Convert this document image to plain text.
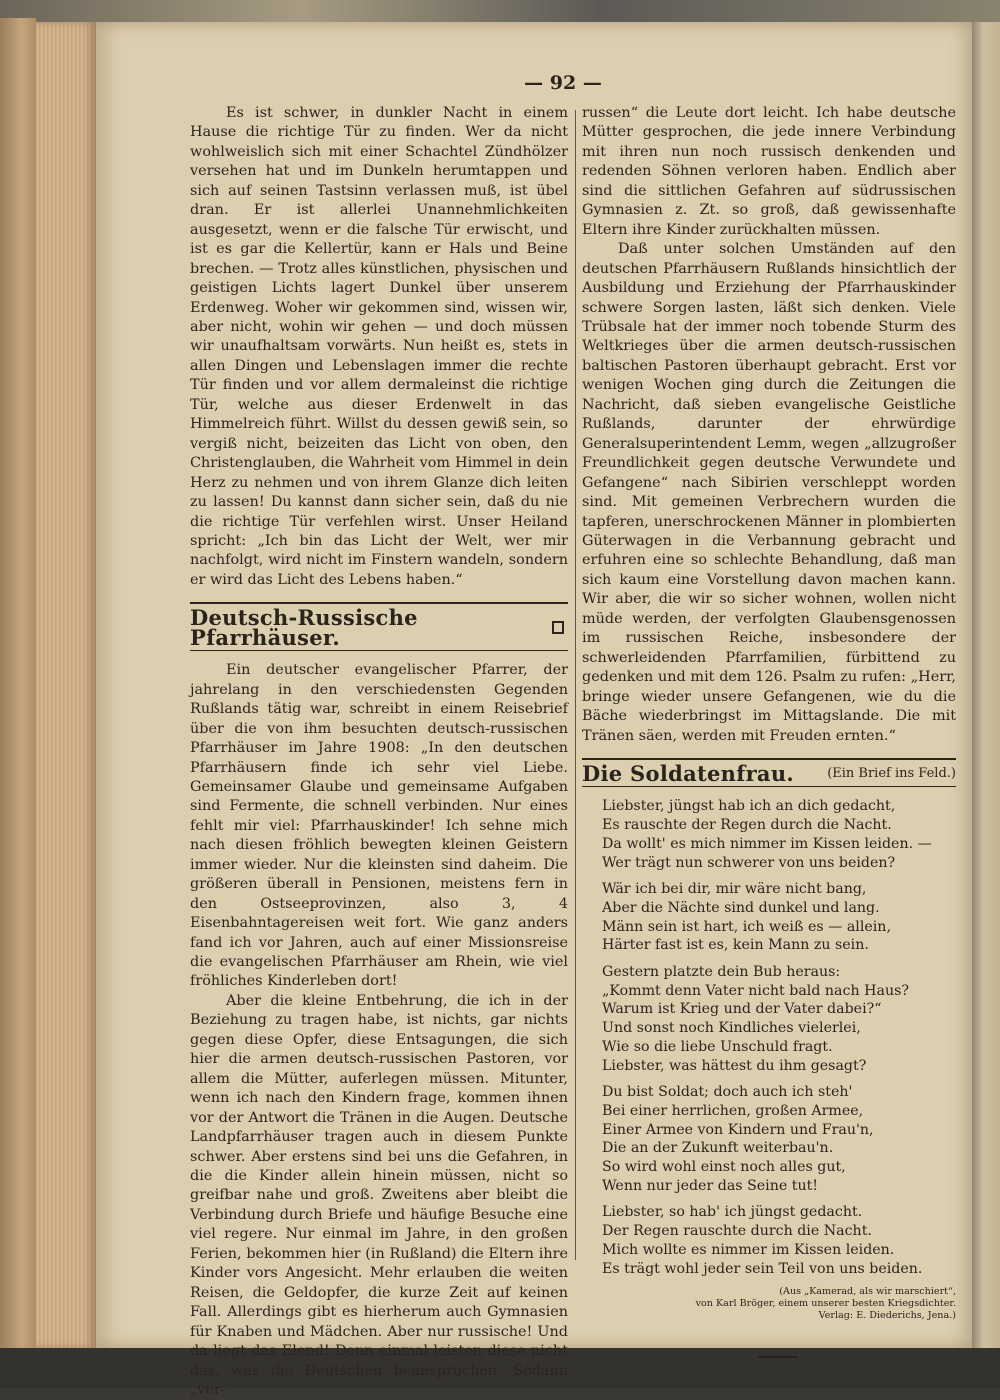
— 92 —

Es ist schwer, in dunkler Nacht in einem Hause die richtige Tür zu finden. Wer da nicht wohlweislich sich mit einer Schachtel Zündhölzer versehen hat und im Dunkeln herumtappen und sich auf seinen Tastsinn verlassen muß, ist übel dran. Er ist allerlei Unannehmlichkeiten ausgesetzt, wenn er die falsche Tür erwischt, und ist es gar die Kellertür, kann er Hals und Beine brechen. — Trotz alles künstlichen, physischen und geistigen Lichts lagert Dunkel über unserem Erdenweg. Woher wir gekommen sind, wissen wir, aber nicht, wohin wir gehen — und doch müssen wir unaufhaltsam vorwärts. Nun heißt es, stets in allen Dingen und Lebenslagen immer die rechte Tür finden und vor allem dermaleinst die richtige Tür, welche aus dieser Erdenwelt in das Himmelreich führt. Willst du dessen gewiß sein, so vergiß nicht, beizeiten das Licht von oben, den Christenglauben, die Wahrheit vom Himmel in dein Herz zu nehmen und von ihrem Glanze dich leiten zu lassen! Du kannst dann sicher sein, daß du nie die richtige Tür verfehlen wirst. Unser Heiland spricht: „Ich bin das Licht der Welt, wer mir nachfolgt, wird nicht im Finstern wandeln, sondern er wird das Licht des Lebens haben.“

Deutsch-Russische Pfarrhäuser.

Ein deutscher evangelischer Pfarrer, der jahrelang in den verschiedensten Gegenden Rußlands tätig war, schreibt in einem Reisebrief über die von ihm besuchten deutsch-russischen Pfarrhäuser im Jahre 1908: „In den deutschen Pfarrhäusern finde ich sehr viel Liebe. Gemeinsamer Glaube und gemeinsame Aufgaben sind Fermente, die schnell verbinden. Nur eines fehlt mir viel: Pfarrhauskinder! Ich sehne mich nach diesen fröhlich bewegten kleinen Geistern immer wieder. Nur die kleinsten sind daheim. Die größeren überall in Pensionen, meistens fern in den Ostseeprovinzen, also 3, 4 Eisenbahntagereisen weit fort. Wie ganz anders fand ich vor Jahren, auch auf einer Missionsreise die evangelischen Pfarrhäuser am Rhein, wie viel fröhliches Kinderleben dort!

Aber die kleine Entbehrung, die ich in der Beziehung zu tragen habe, ist nichts, gar nichts gegen diese Opfer, diese Entsagungen, die sich hier die armen deutsch-russischen Pastoren, vor allem die Mütter, auferlegen müssen. Mitunter, wenn ich nach den Kindern frage, kommen ihnen vor der Antwort die Tränen in die Augen. Deutsche Landpfarrhäuser tragen auch in diesem Punkte schwer. Aber erstens sind bei uns die Gefahren, in die die Kinder allein hinein müssen, nicht so greifbar nahe und groß. Zweitens aber bleibt die Verbindung durch Briefe und häufige Besuche eine viel regere. Nur einmal im Jahre, in den großen Ferien, bekommen hier (in Rußland) die Eltern ihre Kinder vors Angesicht. Mehr erlauben die weiten Reisen, die Geldopfer, die kurze Zeit auf keinen Fall. Allerdings gibt es hierherum auch Gymnasien für Knaben und Mädchen. Aber nur russische! Und da liegt das Elend! Denn einmal leisten diese nicht das, was die Deutschen beanspruchen. Sodann „ver-

russen“ die Leute dort leicht. Ich habe deutsche Mütter gesprochen, die jede innere Verbindung mit ihren nun noch russisch denkenden und redenden Söhnen verloren haben. Endlich aber sind die sittlichen Gefahren auf südrussischen Gymnasien z. Zt. so groß, daß gewissenhafte Eltern ihre Kinder zurückhalten müssen.

Daß unter solchen Umständen auf den deutschen Pfarrhäusern Rußlands hinsichtlich der Ausbildung und Erziehung der Pfarrhauskinder schwere Sorgen lasten, läßt sich denken. Viele Trübsale hat der immer noch tobende Sturm des Weltkrieges über die armen deutsch-russischen baltischen Pastoren überhaupt gebracht. Erst vor wenigen Wochen ging durch die Zeitungen die Nachricht, daß sieben evangelische Geistliche Rußlands, darunter der ehrwürdige Generalsuperintendent Lemm, wegen „allzugroßer Freundlichkeit gegen deutsche Verwundete und Gefangene“ nach Sibirien verschleppt worden sind. Mit gemeinen Verbrechern wurden die tapferen, unerschrockenen Männer in plombierten Güterwagen in die Verbannung gebracht und erfuhren eine so schlechte Behandlung, daß man sich kaum eine Vorstellung davon machen kann. Wir aber, die wir so sicher wohnen, wollen nicht müde werden, der verfolgten Glaubensgenossen im russischen Reiche, insbesondere der schwerleidenden Pfarrfamilien, fürbittend zu gedenken und mit dem 126. Psalm zu rufen: „Herr, bringe wieder unsere Gefangenen, wie du die Bäche wiederbringst im Mittagslande. Die mit Tränen säen, werden mit Freuden ernten.“

Die Soldatenfrau.	(Ein Brief ins Feld.)
Liebster, jüngst hab ich an dich gedacht,
Es rauschte der Regen durch die Nacht.
Da wollt' es mich nimmer im Kissen leiden. —
Wer trägt nun schwerer von uns beiden?
Wär ich bei dir, mir wäre nicht bang,
Aber die Nächte sind dunkel und lang.
Männ sein ist hart, ich weiß es — allein,
Härter fast ist es, kein Mann zu sein.
Gestern platzte dein Bub heraus:
„Kommt denn Vater nicht bald nach Haus?
Warum ist Krieg und der Vater dabei?“
Und sonst noch Kindliches vielerlei,
Wie so die liebe Unschuld fragt.
Liebster, was hättest du ihm gesagt?
Du bist Soldat; doch auch ich steh'
Bei einer herrlichen, großen Armee,
Einer Armee von Kindern und Frau'n,
Die an der Zukunft weiterbau'n.
So wird wohl einst noch alles gut,
Wenn nur jeder das Seine tut!
Liebster, so hab' ich jüngst gedacht.
Der Regen rauschte durch die Nacht.
Mich wollte es nimmer im Kissen leiden.
Es trägt wohl jeder sein Teil von uns beiden.
(Aus „Kamerad, als wir marschiert“,
von Karl Bröger, einem unserer besten Kriegsdichter.
Verlag: E. Diederichs, Jena.)
